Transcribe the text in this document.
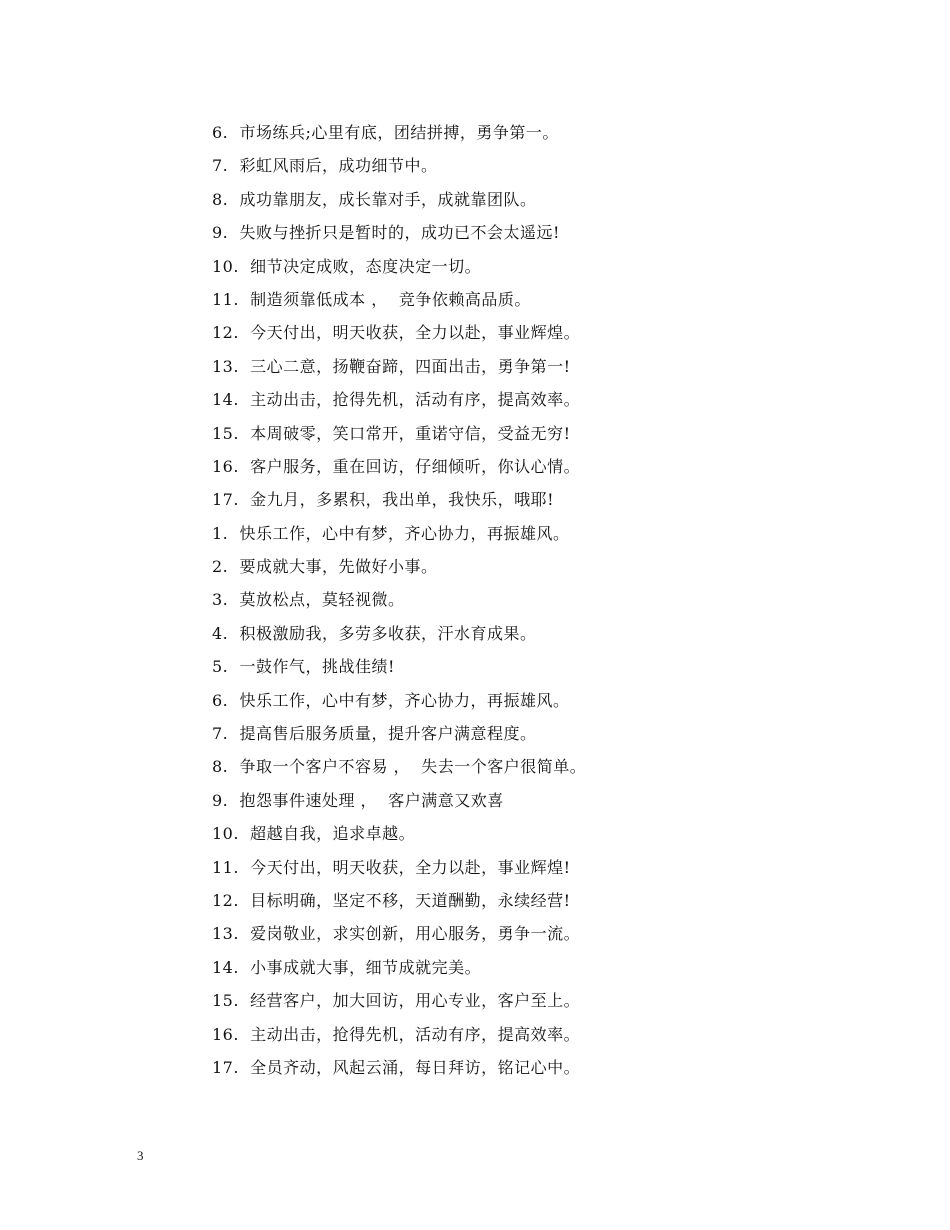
6.  市场练兵;心里有底，团结拼搏，勇争第一。
7.  彩虹风雨后，成功细节中。
8.  成功靠朋友，成长靠对手，成就靠团队。
9.  失败与挫折只是暂时的，成功已不会太遥远!
10.  细节决定成败，态度决定一切。
11.  制造须靠低成本 ，  竞争依赖高品质。
12.  今天付出，明天收获，全力以赴，事业辉煌。
13.  三心二意，扬鞭奋蹄，四面出击，勇争第一!
14.  主动出击，抢得先机，活动有序，提高效率。
15.  本周破零，笑口常开，重诺守信，受益无穷!
16.  客户服务，重在回访，仔细倾听，你认心情。
17.  金九月，多累积，我出单，我快乐，哦耶!
1.  快乐工作，心中有梦，齐心协力，再振雄风。
2.  要成就大事，先做好小事。
3.  莫放松点，莫轻视微。
4.  积极激励我，多劳多收获，汗水育成果。
5.  一鼓作气，挑战佳绩!
6.  快乐工作，心中有梦，齐心协力，再振雄风。
7.  提高售后服务质量，提升客户满意程度。
8.  争取一个客户不容易 ，  失去一个客户很简单。
9.  抱怨事件速处理 ，  客户满意又欢喜
10.  超越自我，追求卓越。
11.  今天付出，明天收获，全力以赴，事业辉煌!
12.  目标明确，坚定不移，天道酬勤，永续经营!
13.  爱岗敬业，求实创新，用心服务，勇争一流。
14.  小事成就大事，细节成就完美。
15.  经营客户，加大回访，用心专业，客户至上。
16.  主动出击，抢得先机，活动有序，提高效率。
17.  全员齐动，风起云涌，每日拜访，铭记心中。
3
